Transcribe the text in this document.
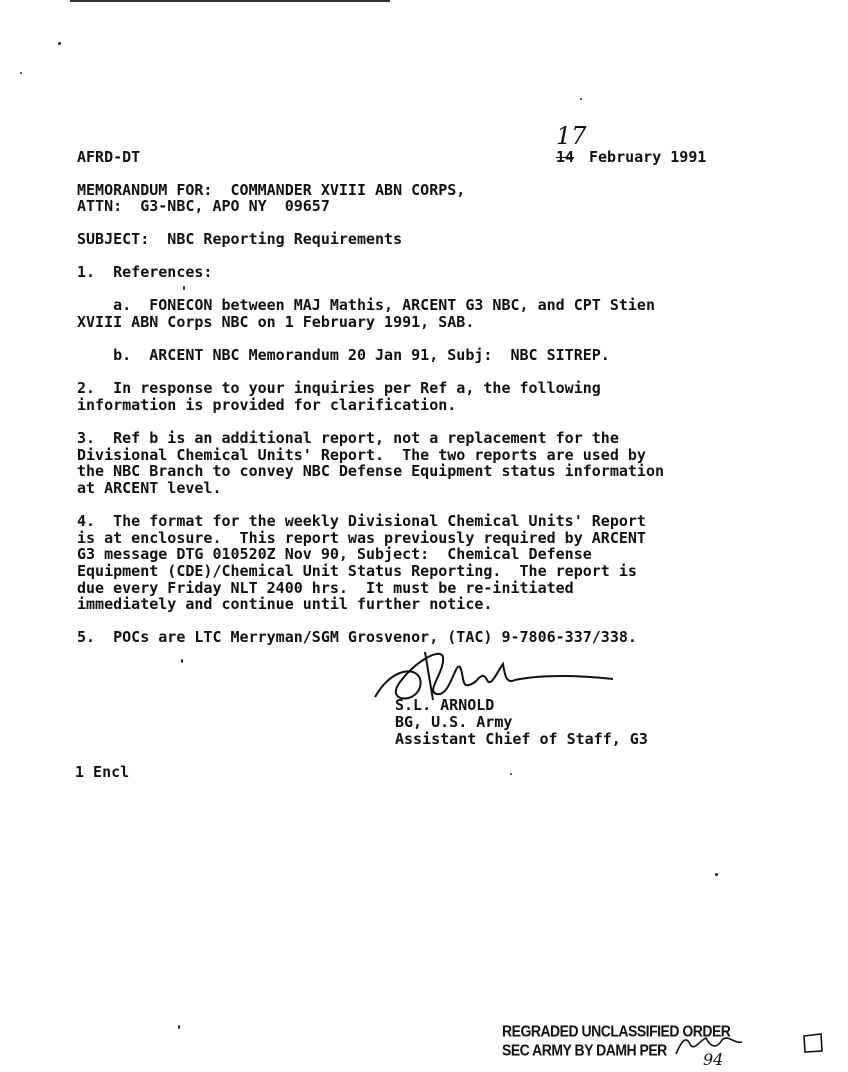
AFRD-DT
17
14 February 1991
MEMORANDUM FOR:  COMMANDER XVIII ABN CORPS,
ATTN:  G3-NBC, APO NY  09657
SUBJECT:  NBC Reporting Requirements
1.  References:
a.  FONECON between MAJ Mathis, ARCENT G3 NBC, and CPT Stien
XVIII ABN Corps NBC on 1 February 1991, SAB.
b.  ARCENT NBC Memorandum 20 Jan 91, Subj:  NBC SITREP.
2.  In response to your inquiries per Ref a, the following
information is provided for clarification.
3.  Ref b is an additional report, not a replacement for the
Divisional Chemical Units' Report.  The two reports are used by
the NBC Branch to convey NBC Defense Equipment status information
at ARCENT level.
4.  The format for the weekly Divisional Chemical Units' Report
is at enclosure.  This report was previously required by ARCENT
G3 message DTG 010520Z Nov 90, Subject:  Chemical Defense
Equipment (CDE)/Chemical Unit Status Reporting.  The report is
due every Friday NLT 2400 hrs.  It must be re-initiated
immediately and continue until further notice.
5.  POCs are LTC Merryman/SGM Grosvenor, (TAC) 9-7806-337/338.
S.L. ARNOLD
BG, U.S. Army
Assistant Chief of Staff, G3
1 Encl
REGRADED UNCLASSIFIED ORDER
SEC ARMY BY DAMH PER
94
